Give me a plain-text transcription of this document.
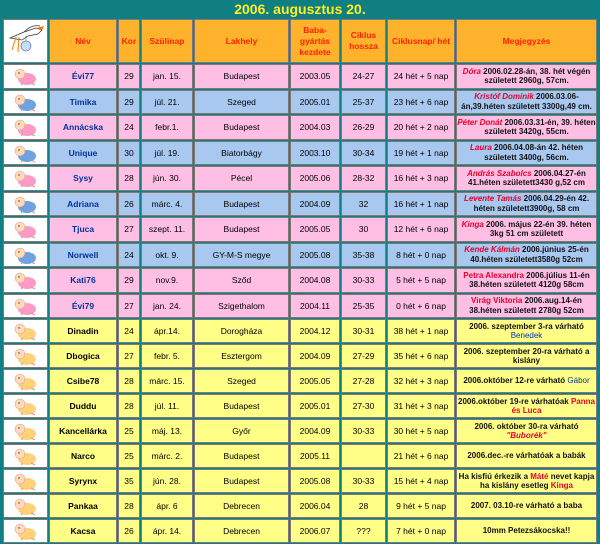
2006. augusztus 20.
	Név	Kor	Szülinap	Lakhely	Baba-gyártás kezdete	Ciklus hossza	Ciklusnap/ hét	Megjegyzés

	Évi77	29	jan. 15.	Budapest	2003.05	24-27	24 hét + 5 nap	Dóra 2006.02.28-án, 38. hét végén született 2960g, 57cm.

	Timika	29	júl. 21.	Szeged	2005.01	25-37	23 hét + 6 nap	Kristóf Dominik 2006.03.06-án,39.héten született 3300g,49 cm.

	Annácska	24	febr.1.	Budapest	2004.03	26-29	20 hét + 2 nap	Péter Donát 2006.03.31-én, 39. héten született 3420g, 55cm.

	Unique	30	júl. 19.	Biatorbágy	2003.10	30-34	19 hét + 1 nap	Laura 2006.04.08-án 42. héten született 3400g, 56cm.

	Sysy	28	jún. 30.	Pécel	2005.06	28-32	16 hét + 3 nap	András Szabolcs 2006.04.27-én 41.héten született3430 g,52 cm

	Adriana	26	márc. 4.	Budapest	2004.09	32	16 hét + 1 nap	Levente Tamás 2006.04.29-én 42. héten született3900g, 58 cm

	Tjuca	27	szept. 11.	Budapest	2005.05	30	12 hét + 6 nap	Kinga 2006. május 22-én 39. héten 3kg 51 cm született

	Norwell	24	okt. 9.	GY-M-S megye	2005.08	35-38	8 hét + 0 nap	Kende Kálmán 2006.június 25-én 40.héten született3580g 52cm

	Kati76	29	nov.9.	Sződ	2004.08	30-33	5 hét + 5 nap	Petra Alexandra 2006.július 11-én 38.héten született 4120g 58cm

	Évi79	27	jan. 24.	Szigethalom	2004.11	25-35	0 hét + 6 nap	Virág Viktoria 2006.aug.14-én 38.héten született 2780g 52cm

	Dinadin	24	ápr.14.	Dorogháza	2004.12	30-31	38 hét + 1 nap	2006. szeptember 3-ra várható Benedek

	Dbogica	27	febr. 5.	Esztergom	2004.09	27-29	35 hét + 6 nap	2006. szeptember 20-ra várható a kislány

	Csibe78	28	márc. 15.	Szeged	2005.05	27-28	32 hét + 3 nap	2006.október 12-re várható Gábor

	Duddu	28	júl. 11.	Budapest	2005.01	27-30	31 hét + 3 nap	2006.október 19-re várhatóak Panna és Luca

	Kancellárka	25	máj. 13.	Győr	2004.09	30-33	30 hét + 5 nap	2006. október 30-ra várható "Buborék"

	Narco	25	márc. 2.	Budapest	2005.11		21 hét + 6 nap	2006.dec.-re várhatóak a babák

	Syrynx	35	jún. 28.	Budapest	2005.08	30-33	15 hét + 4 nap	Ha kisfiú érkezik a Máté nevet kapja ha kislány esetleg Kinga

	Pankaa	28	ápr. 6	Debrecen	2006.04	28	9 hét + 5 nap	2007. 03.10-re várható a baba

	Kacsa	26	ápr. 14.	Debrecen	2006.07	???	7 hét + 0 nap	10mm Petezsákocska!!
